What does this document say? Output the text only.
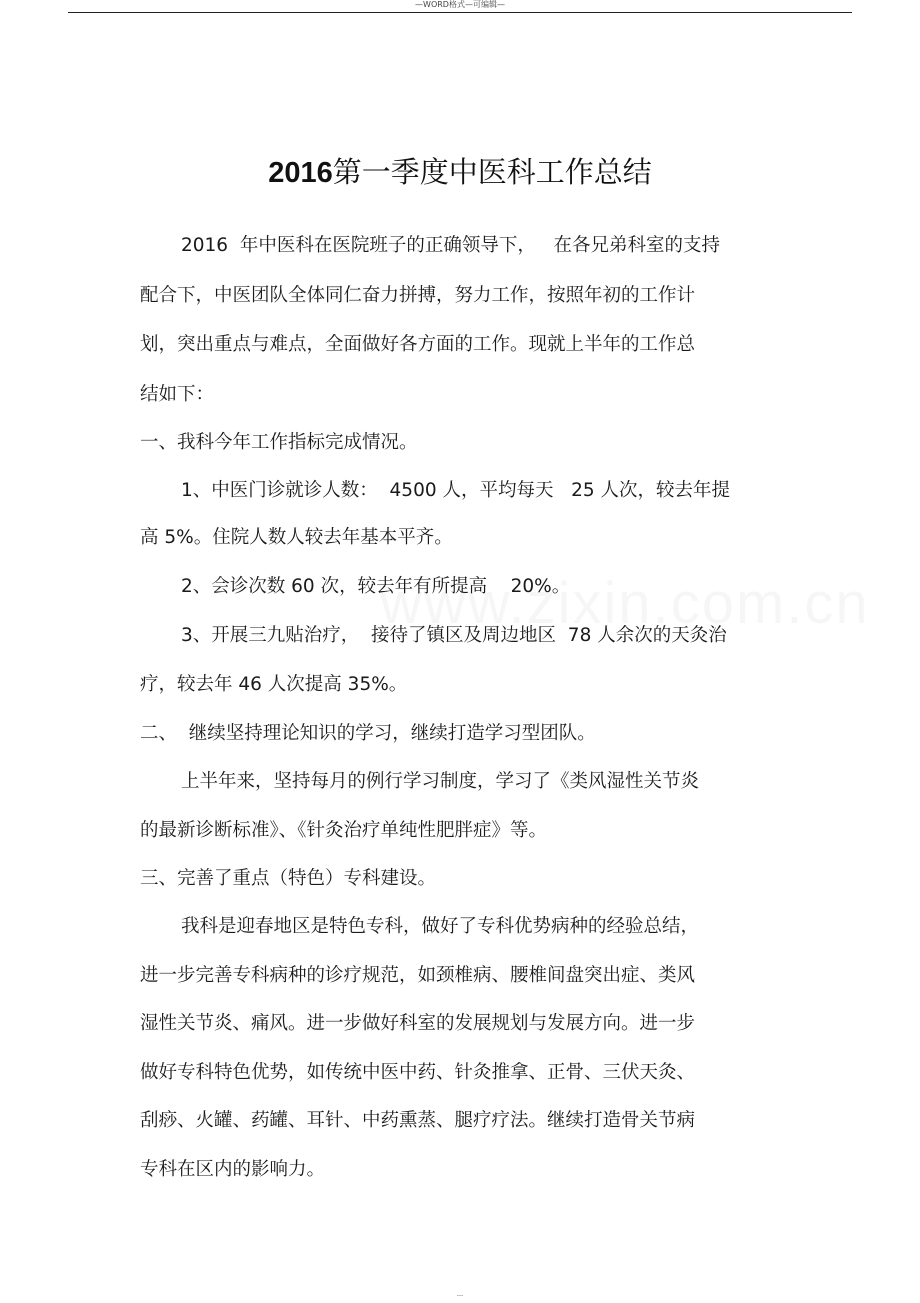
—WORD格式—可编辑—
2016第一季度中医科工作总结
2016  年中医科在医院班子的正确领导下，   在各兄弟科室的支持
配合下，中医团队全体同仁奋力拼搏，努力工作，按照年初的工作计
划，突出重点与难点，全面做好各方面的工作。现就上半年的工作总
结如下：
一、我科今年工作指标完成情况。
1、中医门诊就诊人数：  4500 人，平均每天   25 人次，较去年提
高 5%。住院人数人较去年基本平齐。
2、会诊次数 60 次，较去年有所提高    20%。
3、开展三九贴治疗，  接待了镇区及周边地区  78 人余次的天灸治
疗，较去年 46 人次提高 35%。
二、  继续坚持理论知识的学习，继续打造学习型团队。
上半年来，坚持每月的例行学习制度，学习了《类风湿性关节炎
的最新诊断标准》、《针灸治疗单纯性肥胖症》等。
三、完善了重点（特色）专科建设。
我科是迎春地区是特色专科，做好了专科优势病种的经验总结，
进一步完善专科病种的诊疗规范，如颈椎病、腰椎间盘突出症、类风
湿性关节炎、痛风。进一步做好科室的发展规划与发展方向。进一步
做好专科特色优势，如传统中医中药、针灸推拿、正骨、三伏天灸、
刮痧、火罐、药罐、耳针、中药熏蒸、腿疗疗法。继续打造骨关节病
专科在区内的影响力。
---
